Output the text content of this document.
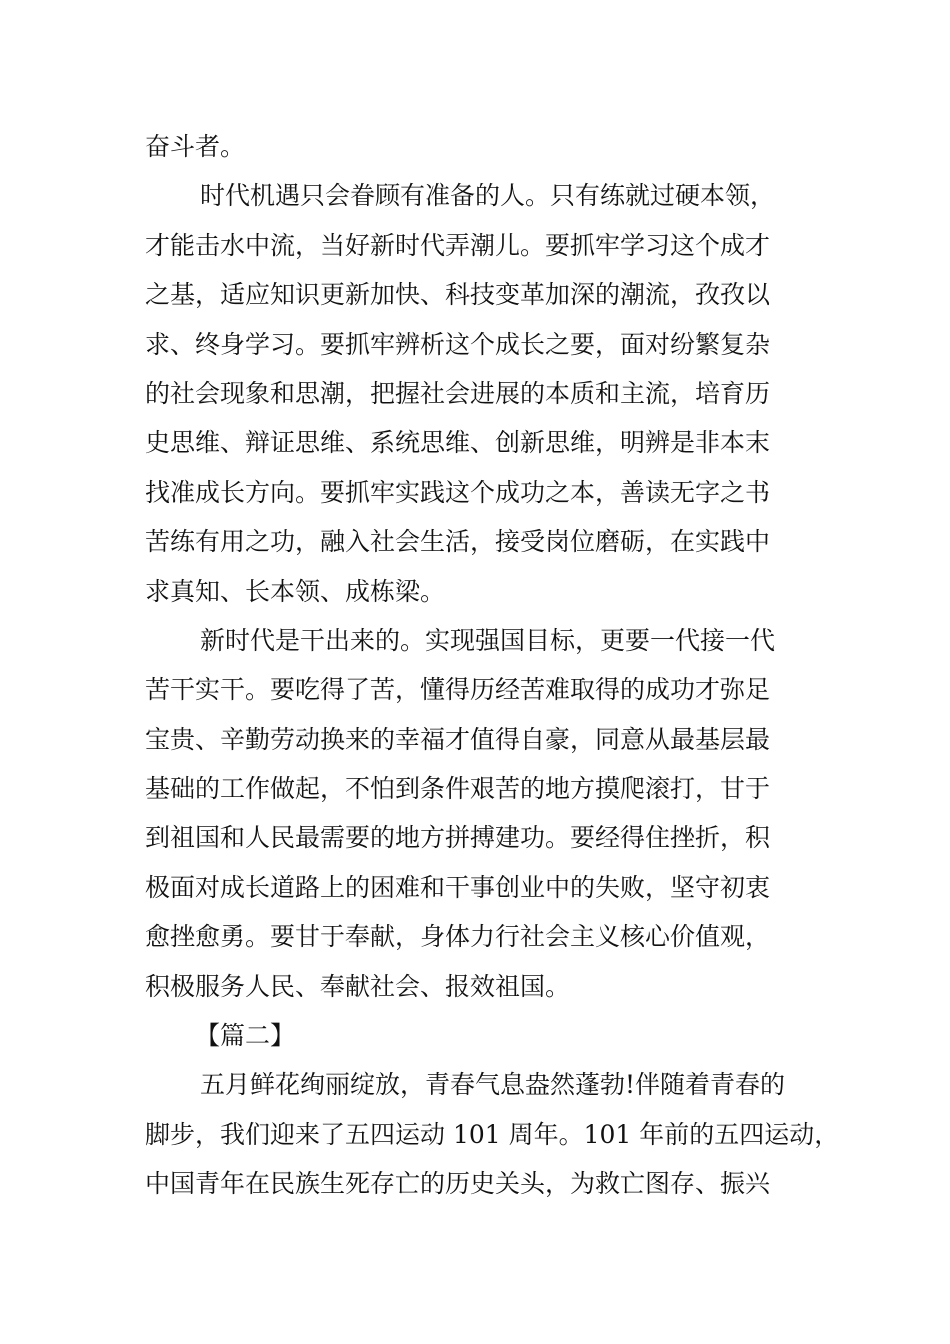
奋斗者。
时代机遇只会眷顾有准备的人。只有练就过硬本领，
才能击水中流，当好新时代弄潮儿。要抓牢学习这个成才
之基，适应知识更新加快、科技变革加深的潮流，孜孜以
求、终身学习。要抓牢辨析这个成长之要，面对纷繁复杂
的社会现象和思潮，把握社会进展的本质和主流，培育历
史思维、辩证思维、系统思维、创新思维，明辨是非本末
找准成长方向。要抓牢实践这个成功之本，善读无字之书
苦练有用之功，融入社会生活，接受岗位磨砺，在实践中
求真知、长本领、成栋梁。
新时代是干出来的。实现强国目标，更要一代接一代
苦干实干。要吃得了苦，懂得历经苦难取得的成功才弥足
宝贵、辛勤劳动换来的幸福才值得自豪，同意从最基层最
基础的工作做起，不怕到条件艰苦的地方摸爬滚打，甘于
到祖国和人民最需要的地方拼搏建功。要经得住挫折，积
极面对成长道路上的困难和干事创业中的失败，坚守初衷
愈挫愈勇。要甘于奉献，身体力行社会主义核心价值观，
积极服务人民、奉献社会、报效祖国。
【篇二】
五月鲜花绚丽绽放，青春气息盎然蓬勃!伴随着青春的
脚步，我们迎来了五四运动 101 周年。101 年前的五四运动，
中国青年在民族生死存亡的历史关头，为救亡图存、振兴
